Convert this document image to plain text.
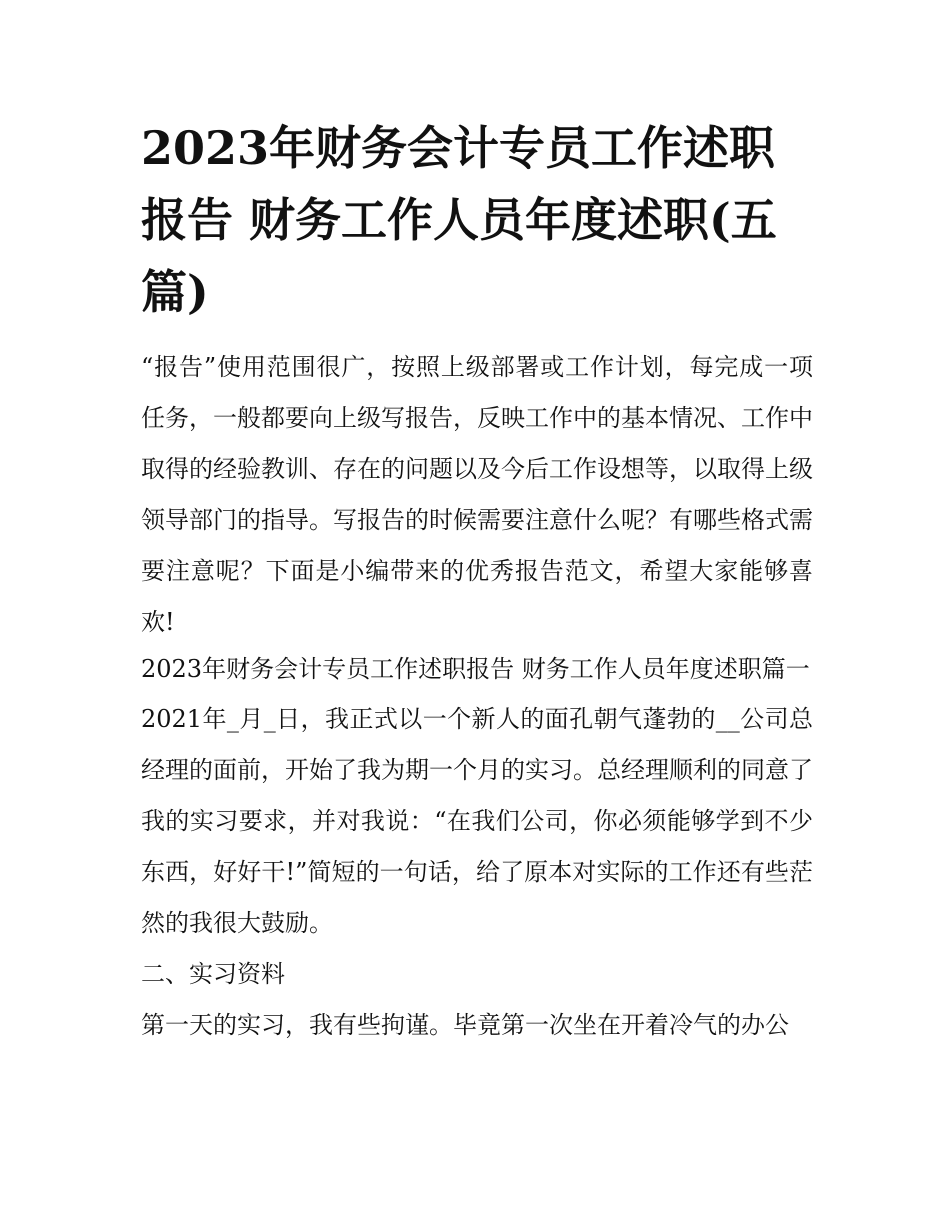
2023年财务会计专员工作述职报告 财务工作人员年度述职(五篇)

“报告”使用范围很广，按照上级部署或工作计划，每完成一项任务，一般都要向上级写报告，反映工作中的基本情况、工作中取得的经验教训、存在的问题以及今后工作设想等，以取得上级领导部门的指导。写报告的时候需要注意什么呢？有哪些格式需要注意呢？下面是小编带来的优秀报告范文，希望大家能够喜欢!

2023年财务会计专员工作述职报告 财务工作人员年度述职篇一

2021年_月_日，我正式以一个新人的面孔朝气蓬勃的__公司总经理的面前，开始了我为期一个月的实习。总经理顺利的同意了我的实习要求，并对我说：“在我们公司，你必须能够学到不少东西，好好干!”简短的一句话，给了原本对实际的工作还有些茫然的我很大鼓励。

二、实习资料

第一天的实习，我有些拘谨。毕竟第一次坐在开着冷气的办公
